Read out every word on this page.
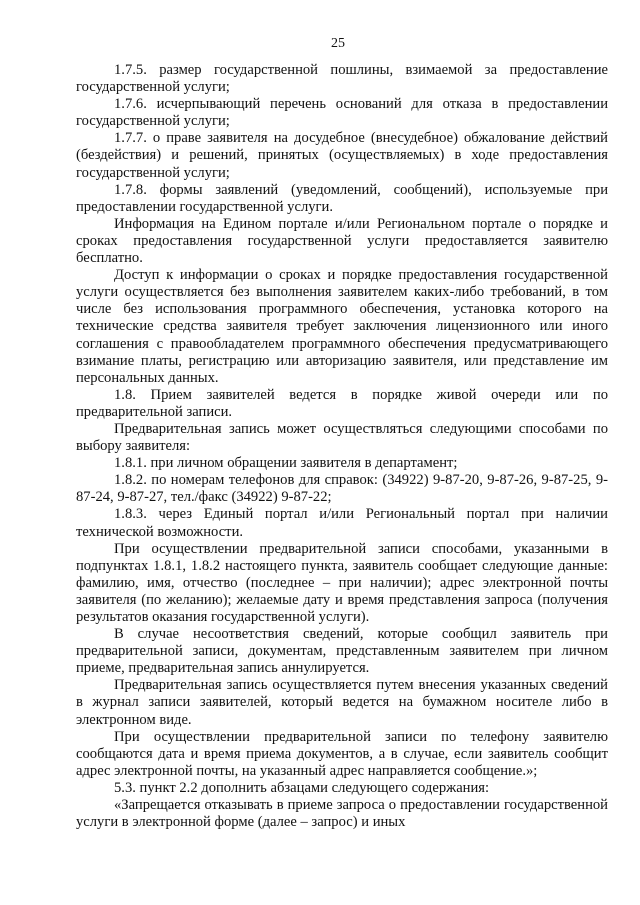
25

1.7.5. размер государственной пошлины, взимаемой за предоставление государственной услуги;

1.7.6. исчерпывающий перечень оснований для отказа в предоставлении государственной услуги;

1.7.7. о праве заявителя на досудебное (внесудебное) обжалование действий (бездействия) и решений, принятых (осуществляемых) в ходе предоставления государственной услуги;

1.7.8. формы заявлений (уведомлений, сообщений), используемые при предоставлении государственной услуги.

Информация на Едином портале и/или Региональном портале о порядке и сроках предоставления государственной услуги предоставляется заявителю бесплатно.

Доступ к информации о сроках и порядке предоставления государственной услуги осуществляется без выполнения заявителем каких-либо требований, в том числе без использования программного обеспечения, установка которого на технические средства заявителя требует заключения лицензионного или иного соглашения с правообладателем программного обеспечения предусматривающего взимание платы, регистрацию или авторизацию заявителя, или представление им персональных данных.

1.8. Прием заявителей ведется в порядке живой очереди или по предварительной записи.

Предварительная запись может осуществляться следующими способами по выбору заявителя:

1.8.1. при личном обращении заявителя в департамент;

1.8.2. по номерам телефонов для справок: (34922) 9-87-20, 9-87-26, 9-87-25, 9-87-24, 9-87-27, тел./факс (34922) 9-87-22;

1.8.3. через Единый портал и/или Региональный портал при наличии технической возможности.

При осуществлении предварительной записи способами, указанными в подпунктах 1.8.1, 1.8.2 настоящего пункта, заявитель сообщает следующие данные: фамилию, имя, отчество (последнее – при наличии); адрес электронной почты заявителя (по желанию); желаемые дату и время представления запроса (получения результатов оказания государственной услуги).

В случае несоответствия сведений, которые сообщил заявитель при предварительной записи, документам, представленным заявителем при личном приеме, предварительная запись аннулируется.

Предварительная запись осуществляется путем внесения указанных сведений в журнал записи заявителей, который ведется на бумажном носителе либо в электронном виде.

При осуществлении предварительной записи по телефону заявителю сообщаются дата и время приема документов, а в случае, если заявитель сообщит адрес электронной почты, на указанный адрес направляется сообщение.»;

5.3. пункт 2.2 дополнить абзацами следующего содержания:

«Запрещается отказывать в приеме запроса о предоставлении государственной услуги в электронной форме (далее – запрос) и иных
